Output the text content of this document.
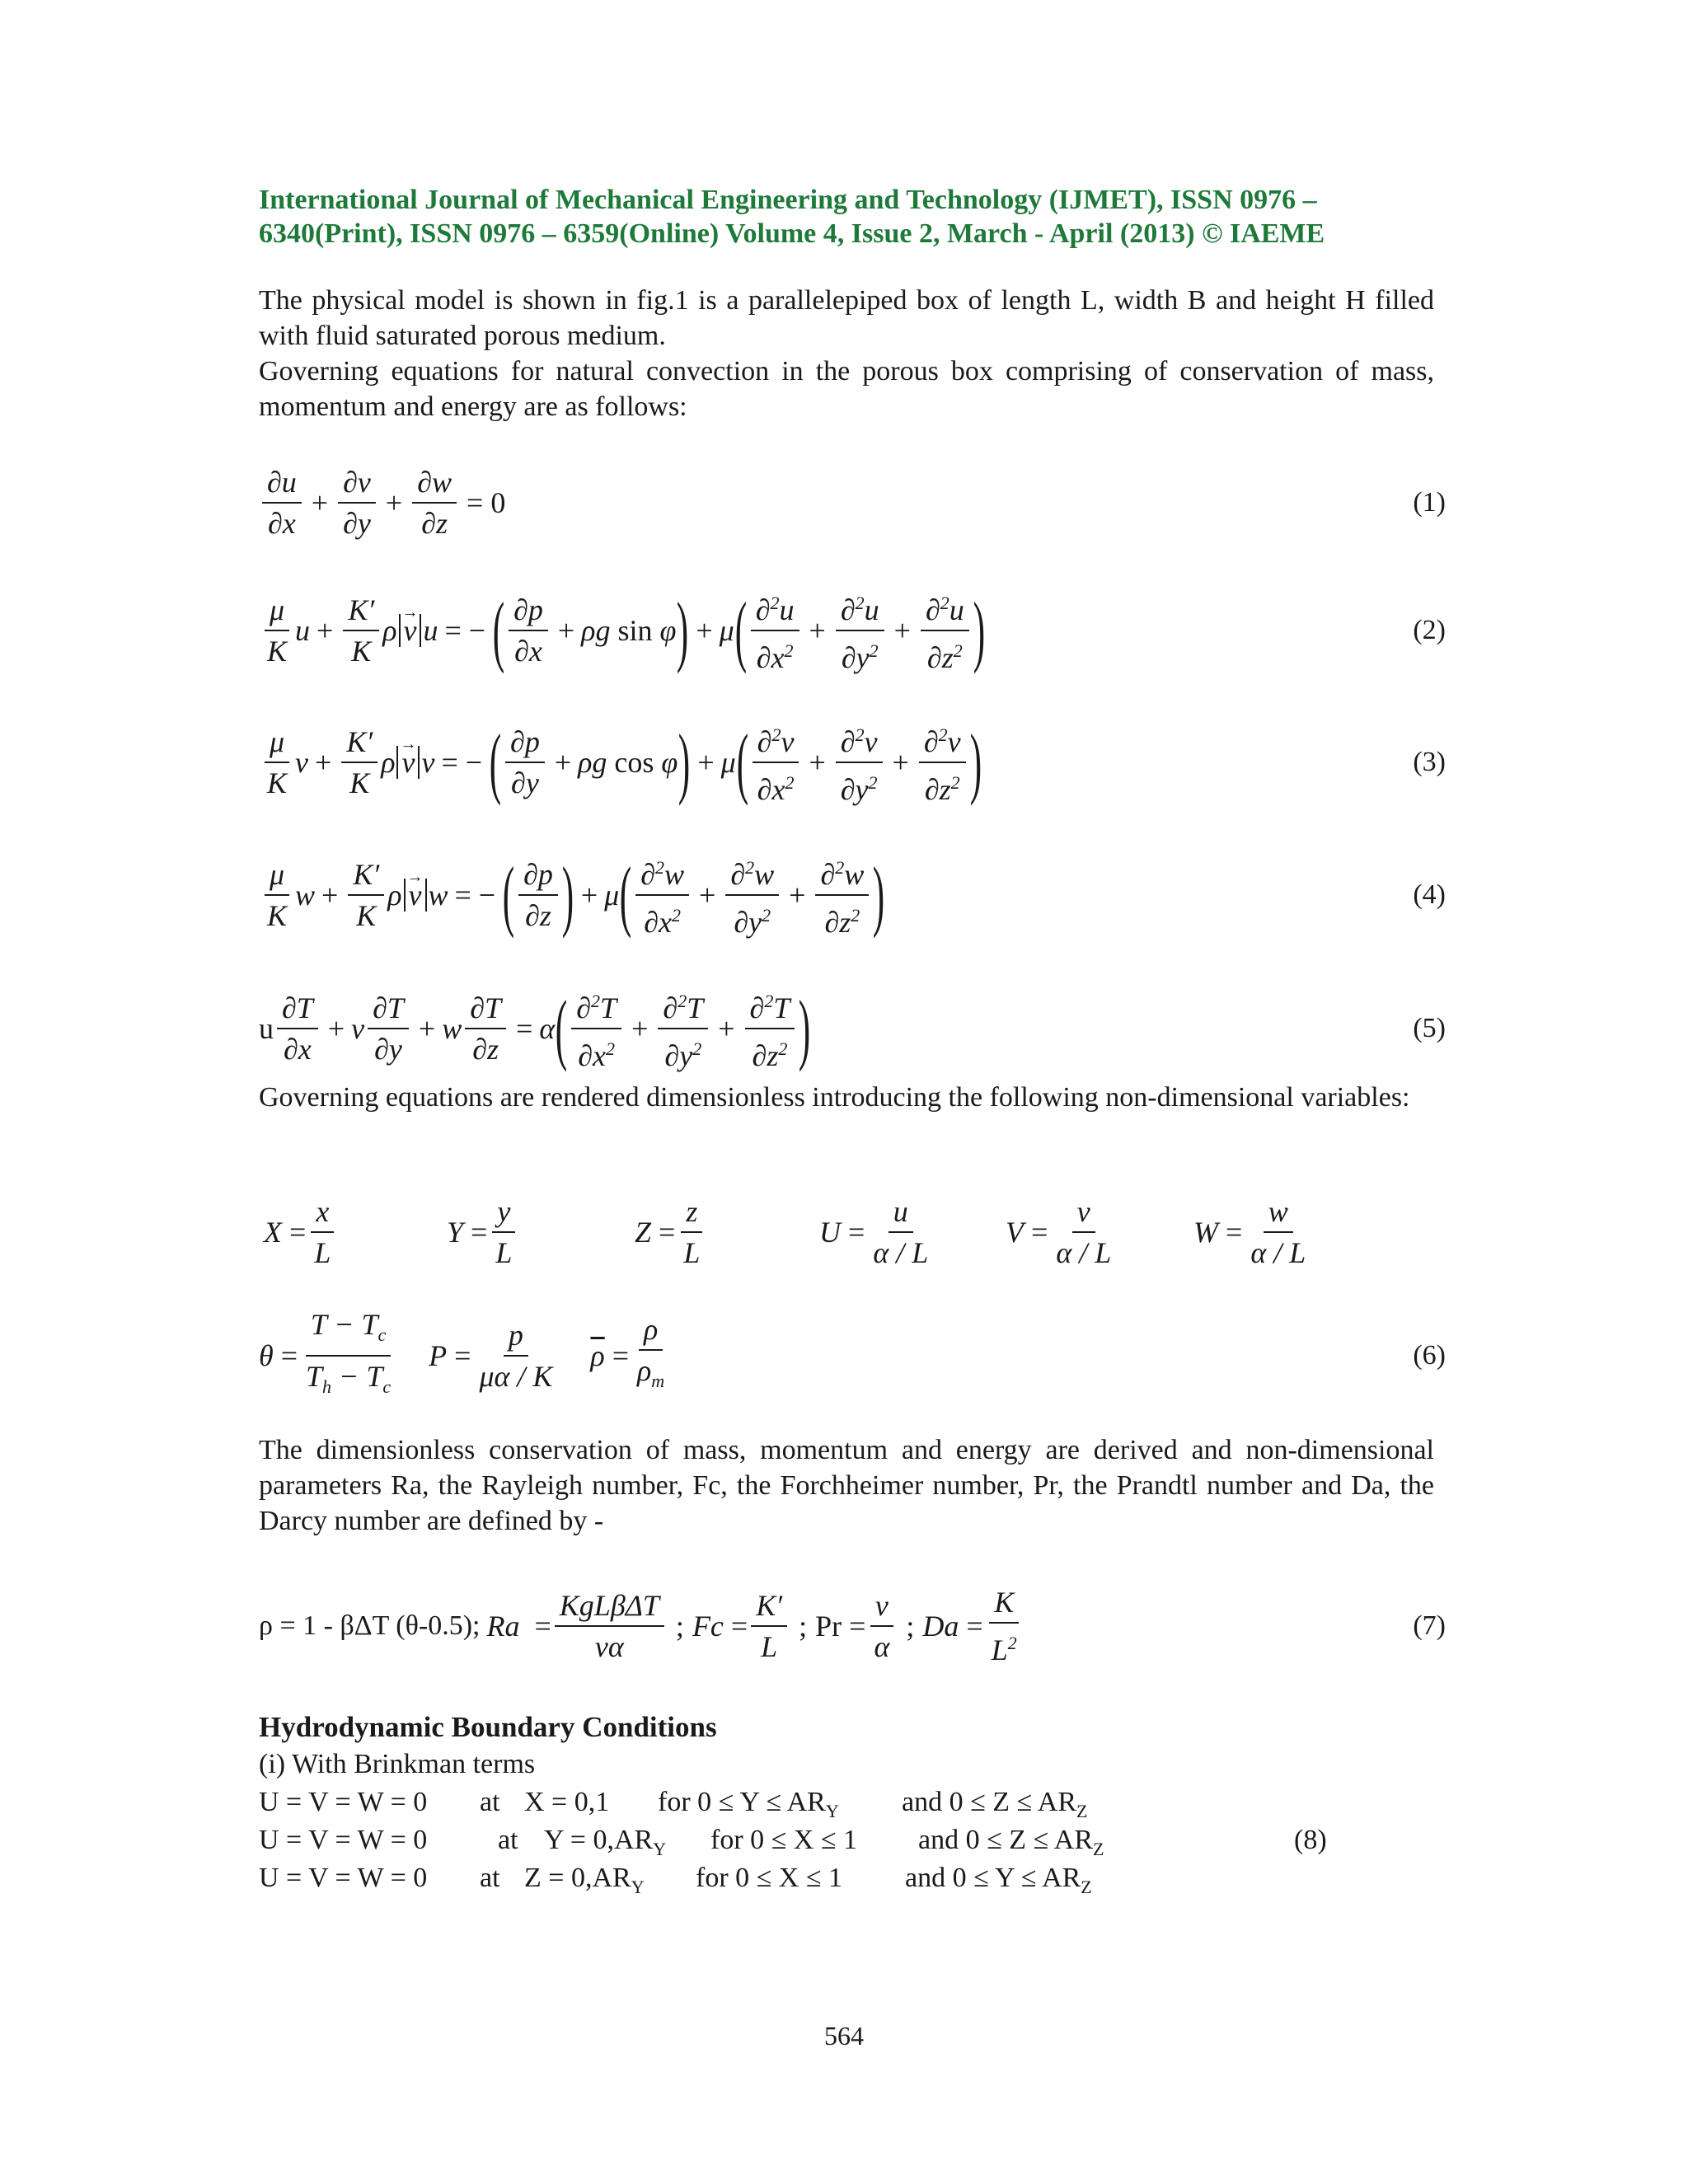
International Journal of Mechanical Engineering and Technology (IJMET), ISSN 0976 –
6340(Print), ISSN 0976 – 6359(Online) Volume 4, Issue 2, March - April (2013) © IAEME
The physical model is shown in fig.1 is a parallelepiped box of length L, width B and height H filled with fluid saturated porous medium.
Governing equations for natural convection in the porous box comprising of conservation of mass, momentum and energy are as follows:
$\frac{\partial u}{\partial x} + \frac{\partial v}{\partial y} + \frac{\partial w}{\partial z} = 0$	(1)
$\frac{\mu}{K}$ $u + \frac{K'}{K}$ ρ → v u = − ( $\frac{\partial p}{\partial x} + \rho g$ sin φ ) + μ ( $\frac{\partial^2u}{\partial x^2} + \frac{\partial^2u}{\partial y^2} + \frac{\partial^2u}{\partial z^2}$ )	(2)
$\frac{\mu}{K}$ $v + \frac{K'}{K}$ ρ → v v = − ( $\frac{\partial p}{\partial y} + \rho g$ cos φ ) + μ ( $\frac{\partial^2v}{\partial x^2} + \frac{\partial^2v}{\partial y^2} + \frac{\partial^2v}{\partial z^2}$ )	(3)
$\frac{\mu}{K}$ $w + \frac{K'}{K}$ ρ → v w = − ( $\frac{\partial p}{\partial z}$ ) + μ ( $\frac{\partial^2w}{\partial x^2} + \frac{\partial^2w}{\partial y^2} + \frac{\partial^2w}{\partial z^2}$ )	(4)
u $\frac{\partial T}{\partial x} + v \frac{\partial T}{\partial y} + w \frac{\partial T}{\partial z} = \alpha$ ( $\frac{\partial^2T}{\partial x^2} + \frac{\partial^2T}{\partial y^2} + \frac{\partial^2T}{\partial z^2}$ )	(5)
Governing equations are rendered dimensionless introducing the following non-dimensional variables:
$X = \frac{x}{L}$	$Y = \frac{y}{L}$	$Z = \frac{z}{L}$	$U = \frac{u}{\alpha / L}$ $V = \frac{v}{\alpha / L}$	$W = \frac{w}{\alpha / L}$
$\theta = \frac{T - T_c}{T_h - T_c}$ $P = \frac{p}{\mu\alpha / K} \overline{\rho} = \frac{\rho}{\rho_m}$	(6)
The dimensionless conservation of mass, momentum and energy are derived and non-dimensional parameters Ra, the Rayleigh number, Fc, the Forchheimer number, Pr, the Prandtl number and Da, the Darcy number are defined by -
ρ = 1 - βΔT (θ-0.5); $Ra = \frac{\text{KgLβΔT}}{\nu\alpha}$ ; $Fc = \frac{K'}{L}$ ; $Pr = \frac{\nu}{\alpha}$ ; $Da = \frac{K}{L^2}$	(7)
Hydrodynamic Boundary Conditions
(i) With Brinkman terms
U = V = W = 0 at X = 0,1 for $0 \le Y \le AR_Y$ and $0 \le Z \le AR_Z$
U = V = W = 0	at $Y = 0,AR_Y$ for 0 ≤ X ≤ 1 and $0 \le Z \le AR_Z$	(8)
U = V = W = 0 at $Z = 0,AR_Y$ for 0 ≤ X ≤ 1 and $0 \le Y \le AR_Z$
564
